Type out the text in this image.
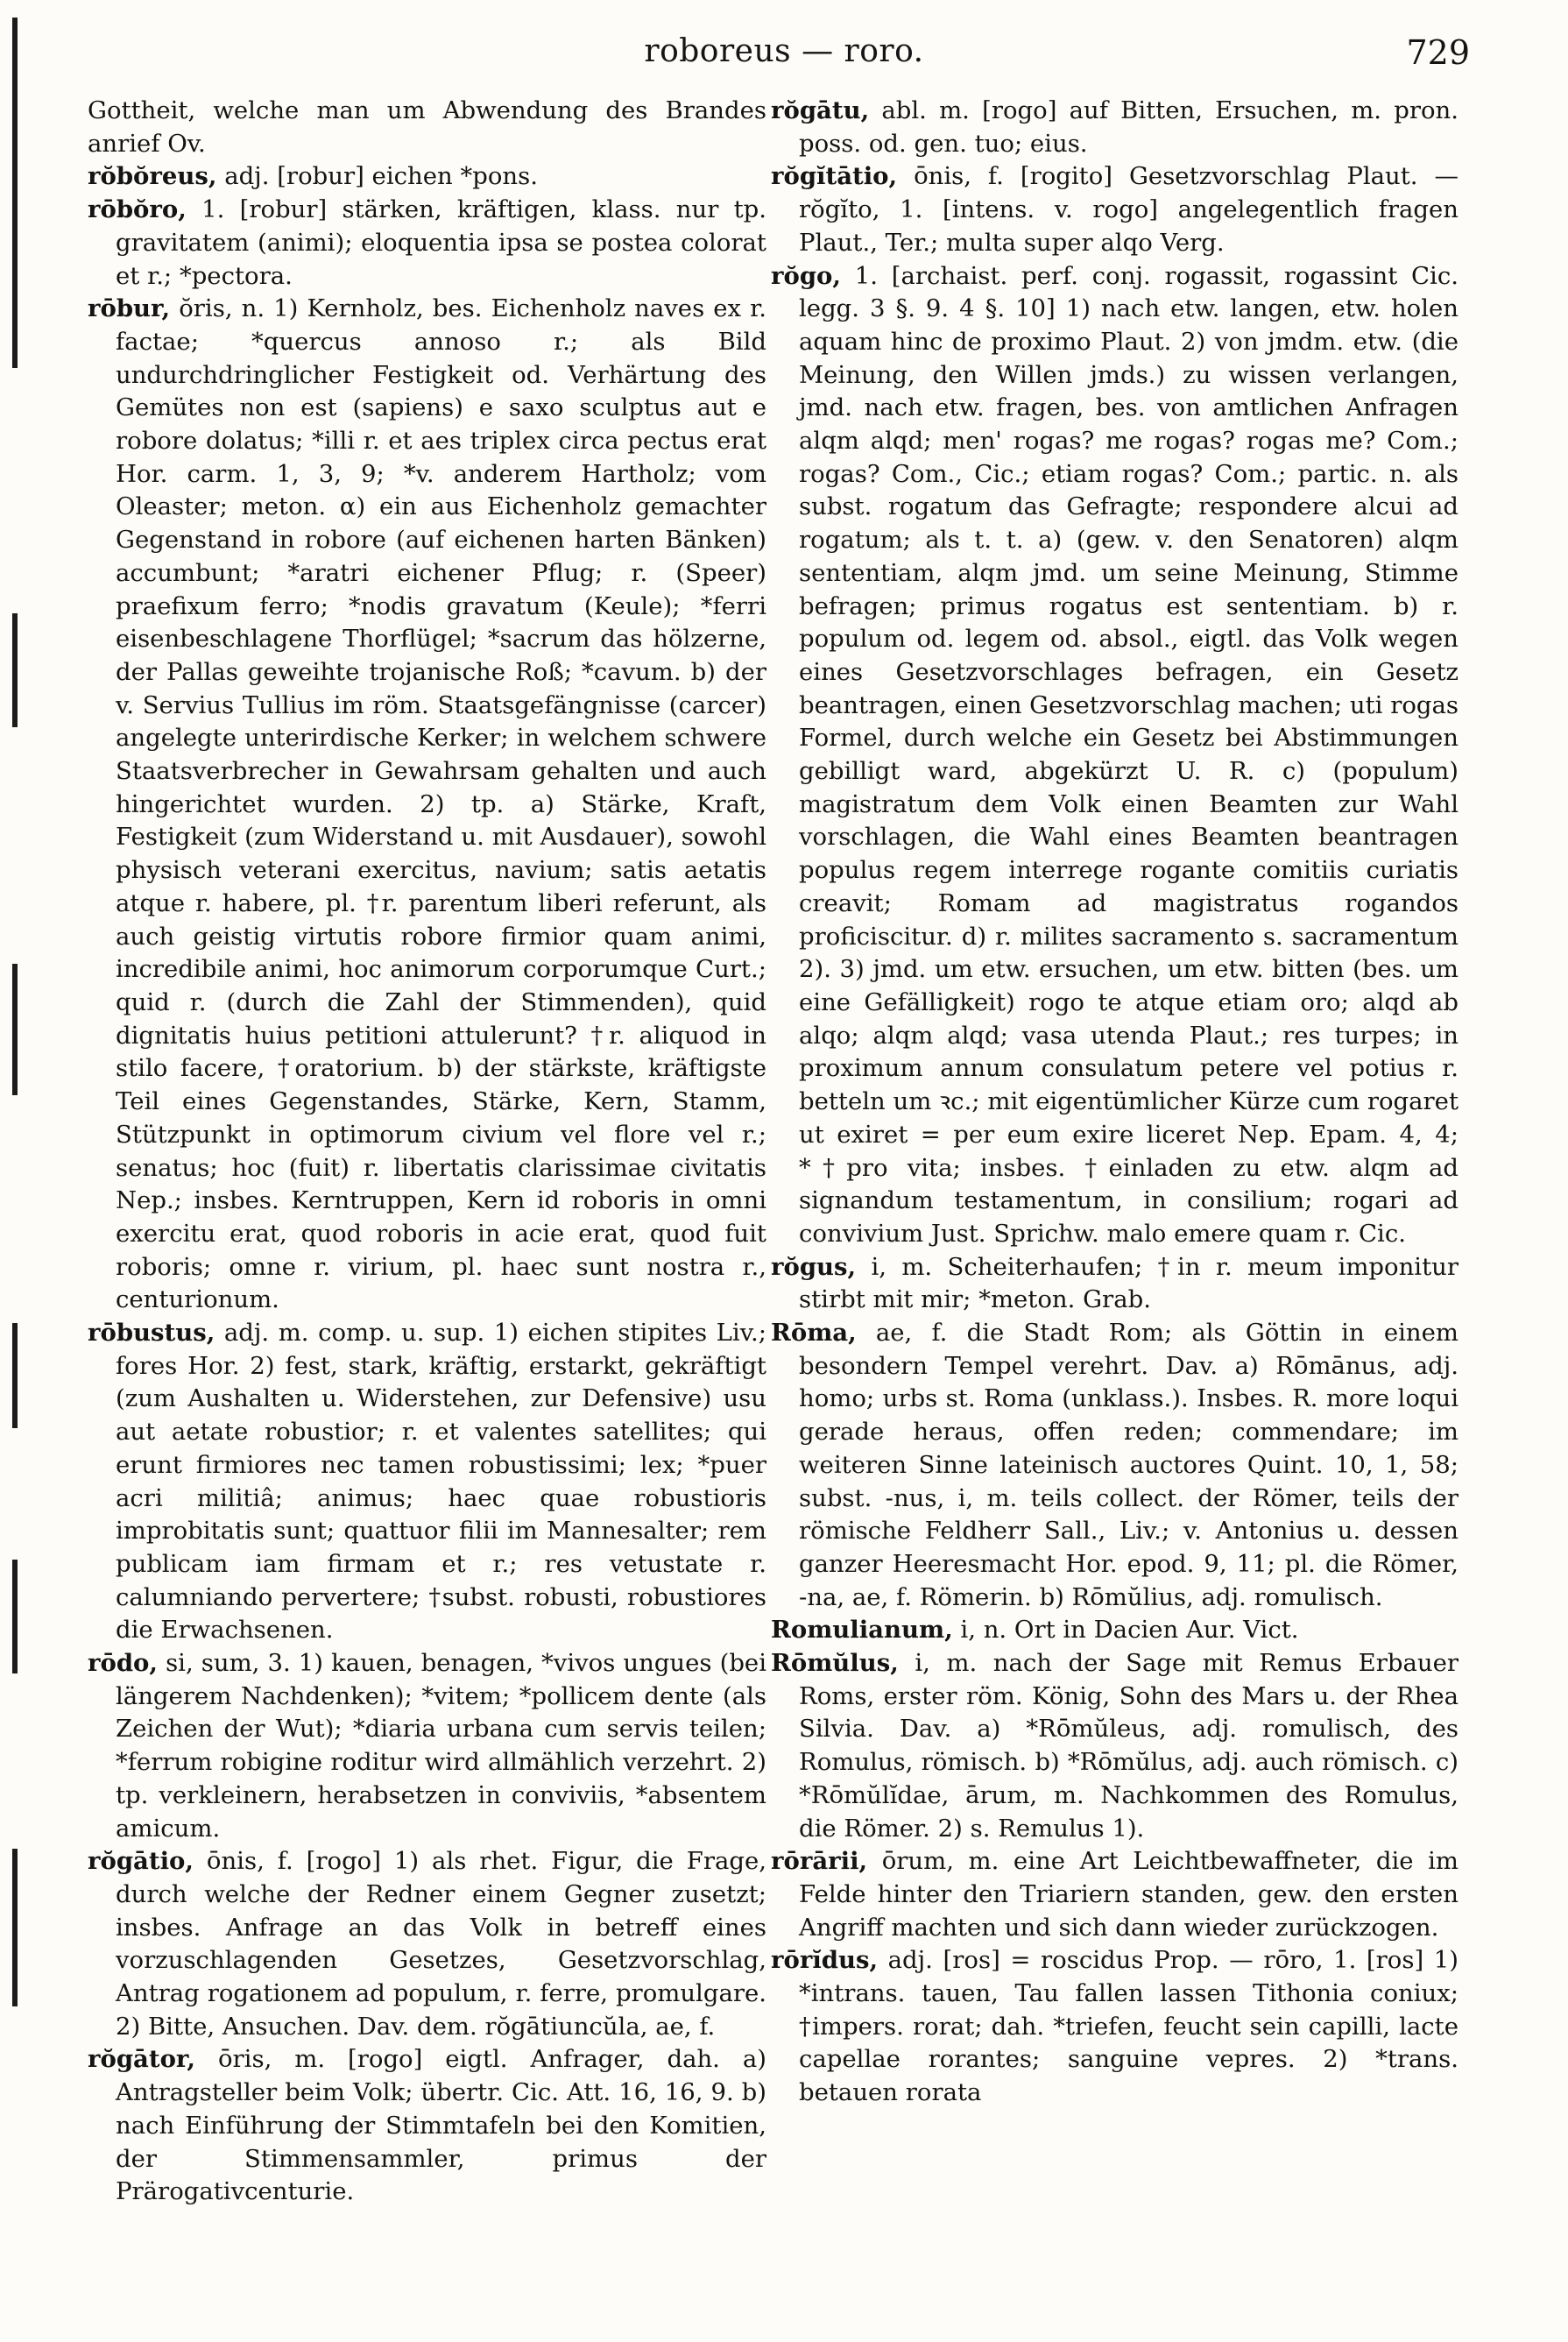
roboreus — roro.	729

Gottheit, welche man um Abwendung des Brandes anrief Ov.

rŏbŏreus, adj. [robur] eichen *pons.

rōbŏro, 1. [robur] stärken, kräftigen, klass. nur tp. gravitatem (animi); eloquentia ipsa se postea colorat et r.; *pectora.

rōbur, ŏris, n. 1) Kernholz, bes. Eichenholz naves ex r. factae; *quercus annoso r.; als Bild undurchdringlicher Festigkeit od. Verhärtung des Gemütes non est (sapiens) e saxo sculptus aut e robore dolatus; *illi r. et aes triplex circa pectus erat Hor. carm. 1, 3, 9; *v. anderem Hartholz; vom Oleaster; meton. α) ein aus Eichenholz gemachter Gegenstand in robore (auf eichenen harten Bänken) accumbunt; *aratri eichener Pflug; r. (Speer) praefixum ferro; *nodis gravatum (Keule); *ferri eisenbeschlagene Thorflügel; *sacrum das hölzerne, der Pallas geweihte trojanische Roß; *cavum. b) der v. Servius Tullius im röm. Staatsgefängnisse (carcer) angelegte unterirdische Kerker; in welchem schwere Staatsverbrecher in Gewahrsam gehalten und auch hingerichtet wurden. 2) tp. a) Stärke, Kraft, Festigkeit (zum Widerstand u. mit Ausdauer), sowohl physisch veterani exercitus, navium; satis aetatis atque r. habere, pl. †r. parentum liberi referunt, als auch geistig virtutis robore firmior quam animi, incredibile animi, hoc animorum corporumque Curt.; quid r. (durch die Zahl der Stimmenden), quid dignitatis huius petitioni attulerunt? †r. aliquod in stilo facere, †oratorium. b) der stärkste, kräftigste Teil eines Gegenstandes, Stärke, Kern, Stamm, Stützpunkt in optimorum civium vel flore vel r.; senatus; hoc (fuit) r. libertatis clarissimae civitatis Nep.; insbes. Kerntruppen, Kern id roboris in omni exercitu erat, quod roboris in acie erat, quod fuit roboris; omne r. virium, pl. haec sunt nostra r., centurionum.

rōbustus, adj. m. comp. u. sup. 1) eichen stipites Liv.; fores Hor. 2) fest, stark, kräftig, erstarkt, gekräftigt (zum Aushalten u. Widerstehen, zur Defensive) usu aut aetate robustior; r. et valentes satellites; qui erunt firmiores nec tamen robustissimi; lex; *puer acri militiâ; animus; haec quae robustioris improbitatis sunt; quattuor filii im Mannesalter; rem publicam iam firmam et r.; res vetustate r. calumniando pervertere; †subst. robusti, robustiores die Erwachsenen.

rōdo, si, sum, 3. 1) kauen, benagen, *vivos ungues (bei längerem Nachdenken); *vitem; *pollicem dente (als Zeichen der Wut); *diaria urbana cum servis teilen; *ferrum robigine roditur wird allmählich verzehrt. 2) tp. verkleinern, herabsetzen in conviviis, *absentem amicum.

rŏgātio, ōnis, f. [rogo] 1) als rhet. Figur, die Frage, durch welche der Redner einem Gegner zusetzt; insbes. Anfrage an das Volk in betreff eines vorzuschlagenden Gesetzes, Gesetzvorschlag, Antrag rogationem ad populum, r. ferre, promulgare. 2) Bitte, Ansuchen. Dav. dem. rŏgātiuncŭla, ae, f.

rŏgātor, ōris, m. [rogo] eigtl. Anfrager, dah. a) Antragsteller beim Volk; übertr. Cic. Att. 16, 16, 9. b) nach Einführung der Stimmtafeln bei den Komitien, der Stimmensammler, primus der Prärogativcenturie.

rŏgātu, abl. m. [rogo] auf Bitten, Ersuchen, m. pron. poss. od. gen. tuo; eius.

rŏgĭtātio, ōnis, f. [rogito] Gesetzvorschlag Plaut. — rŏgĭto, 1. [intens. v. rogo] angelegentlich fragen Plaut., Ter.; multa super alqo Verg.

rŏgo, 1. [archaist. perf. conj. rogassit, rogassint Cic. legg. 3 §. 9. 4 §. 10] 1) nach etw. langen, etw. holen aquam hinc de proximo Plaut. 2) von jmdm. etw. (die Meinung, den Willen jmds.) zu wissen verlangen, jmd. nach etw. fragen, bes. von amtlichen Anfragen alqm alqd; men' rogas? me rogas? rogas me? Com.; rogas? Com., Cic.; etiam rogas? Com.; partic. n. als subst. rogatum das Gefragte; respondere alcui ad rogatum; als t. t. a) (gew. v. den Senatoren) alqm sententiam, alqm jmd. um seine Meinung, Stimme befragen; primus rogatus est sententiam. b) r. populum od. legem od. absol., eigtl. das Volk wegen eines Gesetzvorschlages befragen, ein Gesetz beantragen, einen Gesetzvorschlag machen; uti rogas Formel, durch welche ein Gesetz bei Abstimmungen gebilligt ward, abgekürzt U. R. c) (populum) magistratum dem Volk einen Beamten zur Wahl vorschlagen, die Wahl eines Beamten beantragen populus regem interrege rogante comitiis curiatis creavit; Romam ad magistratus rogandos proficiscitur. d) r. milites sacramento s. sacramentum 2). 3) jmd. um etw. ersuchen, um etw. bitten (bes. um eine Gefälligkeit) rogo te atque etiam oro; alqd ab alqo; alqm alqd; vasa utenda Plaut.; res turpes; in proximum annum consulatum petere vel potius r. betteln um ꝛc.; mit eigentümlicher Kürze cum rogaret ut exiret = per eum exire liceret Nep. Epam. 4, 4; *†pro vita; insbes. †einladen zu etw. alqm ad signandum testamentum, in consilium; rogari ad convivium Just. Sprichw. malo emere quam r. Cic.

rŏgus, i, m. Scheiterhaufen; †in r. meum imponitur stirbt mit mir; *meton. Grab.

Rōma, ae, f. die Stadt Rom; als Göttin in einem besondern Tempel verehrt. Dav. a) Rōmānus, adj. homo; urbs st. Roma (unklass.). Insbes. R. more loqui gerade heraus, offen reden; commendare; im weiteren Sinne lateinisch auctores Quint. 10, 1, 58; subst. -nus, i, m. teils collect. der Römer, teils der römische Feldherr Sall., Liv.; v. Antonius u. dessen ganzer Heeresmacht Hor. epod. 9, 11; pl. die Römer, -na, ae, f. Römerin. b) Rōmŭlius, adj. romulisch.

Romulianum, i, n. Ort in Dacien Aur. Vict.

Rōmŭlus, i, m. nach der Sage mit Remus Erbauer Roms, erster röm. König, Sohn des Mars u. der Rhea Silvia. Dav. a) *Rōmŭleus, adj. romulisch, des Romulus, römisch. b) *Rōmŭlus, adj. auch römisch. c) *Rōmŭlĭdae, ārum, m. Nachkommen des Romulus, die Römer. 2) s. Remulus 1).

rōrārii, ōrum, m. eine Art Leichtbewaffneter, die im Felde hinter den Triariern standen, gew. den ersten Angriff machten und sich dann wieder zurückzogen.

rōrĭdus, adj. [ros] = roscidus Prop. — rōro, 1. [ros] 1) *intrans. tauen, Tau fallen lassen Tithonia coniux; †impers. rorat; dah. *triefen, feucht sein capilli, lacte capellae rorantes; sanguine vepres. 2) *trans. betauen rorata
